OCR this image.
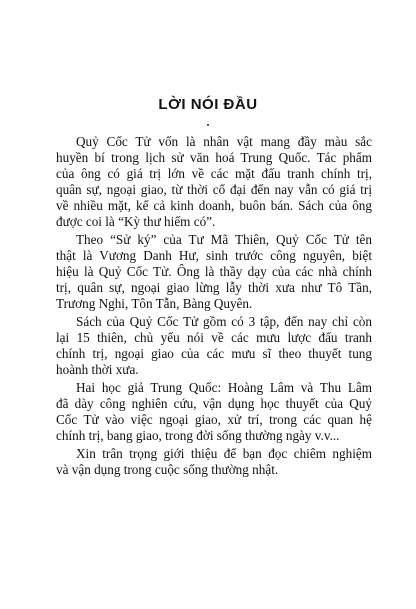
LỜI NÓI ĐẦU

Quỷ Cốc Tử vốn là nhân vật mang đầy màu sắc
huyền bí trong lịch sử văn hoá Trung Quốc. Tác phẩm
của ông có giá trị lớn về các mặt đấu tranh chính trị,
quân sự, ngoại giao, từ thời cổ đại đến nay vẫn có giá trị
về nhiều mặt, kể cả kinh doanh, buôn bán. Sách của ông
được coi là “Kỳ thư hiếm có”.

Theo “Sử ký” của Tư Mã Thiên, Quỷ Cốc Tử tên
thật là Vương Danh Hư, sinh trước công nguyên, biệt
hiệu là Quỷ Cốc Tử. Ông là thầy dạy của các nhà chính
trị, quân sự, ngoại giao lừng lẫy thời xưa như Tô Tần,
Trương Nghi, Tôn Tẫn, Bàng Quyên.

Sách của Quỷ Cốc Tử gồm có 3 tập, đến nay chỉ còn
lại 15 thiên, chủ yếu nói về các mưu lược đấu tranh
chính trị, ngoại giao của các mưu sĩ theo thuyết tung
hoành thời xưa.

Hai học giả Trung Quốc: Hoàng Lâm và Thu Lâm
đã dày công nghiên cứu, vận dụng học thuyết của Quỷ
Cốc Tử vào việc ngoại giao, xử trí, trong các quan hệ
chính trị, bang giao, trong đời sống thường ngày v.v...

Xin trân trọng giới thiệu để bạn đọc chiêm nghiệm
và vận dụng trong cuộc sống thường nhật.
